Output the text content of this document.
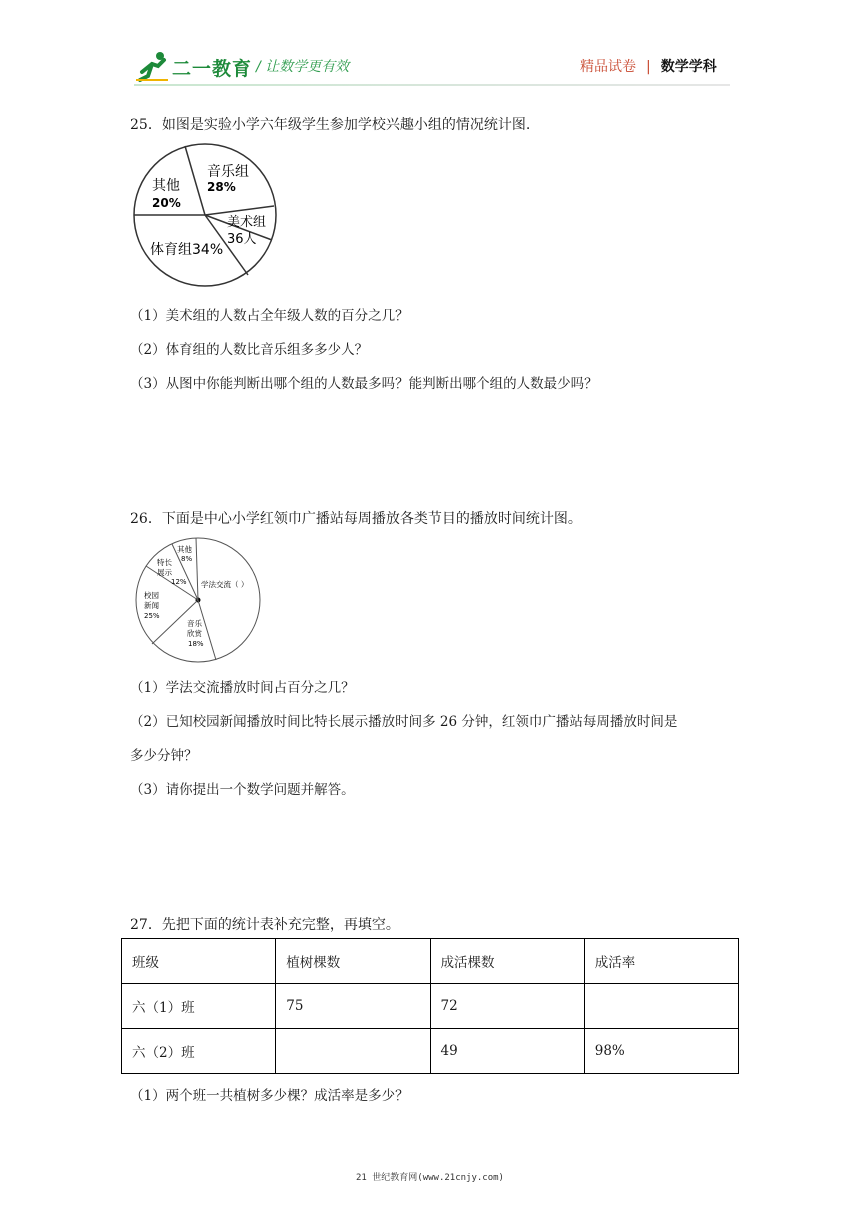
二一教育 / 让数学更有效	精品试卷 | 数学学科
25．如图是实验小学六年级学生参加学校兴趣小组的情况统计图.
音乐组
28%
其他
20%
美术组
36人
体育组34%
（1）美术组的人数占全年级人数的百分之几？
（2）体育组的人数比音乐组多多少人？
（3）从图中你能判断出哪个组的人数最多吗？能判断出哪个组的人数最少吗？
26．下面是中心小学红领巾广播站每周播放各类节目的播放时间统计图。
其他
8%
特长
展示
12%
校园
新闻
25%
学法交流（ ）
音乐
欣赏
18%
（1）学法交流播放时间占百分之几？
（2）已知校园新闻播放时间比特长展示播放时间多 26 分钟，红领巾广播站每周播放时间是
多少分钟？
（3）请你提出一个数学问题并解答。
27．先把下面的统计表补充完整，再填空。
班级	植树棵数	成活棵数	成活率
六（1）班	75	72	
六（2）班		49	98%
（1）两个班一共植树多少棵？成活率是多少？
21 世纪教育网(www.21cnjy.com)
